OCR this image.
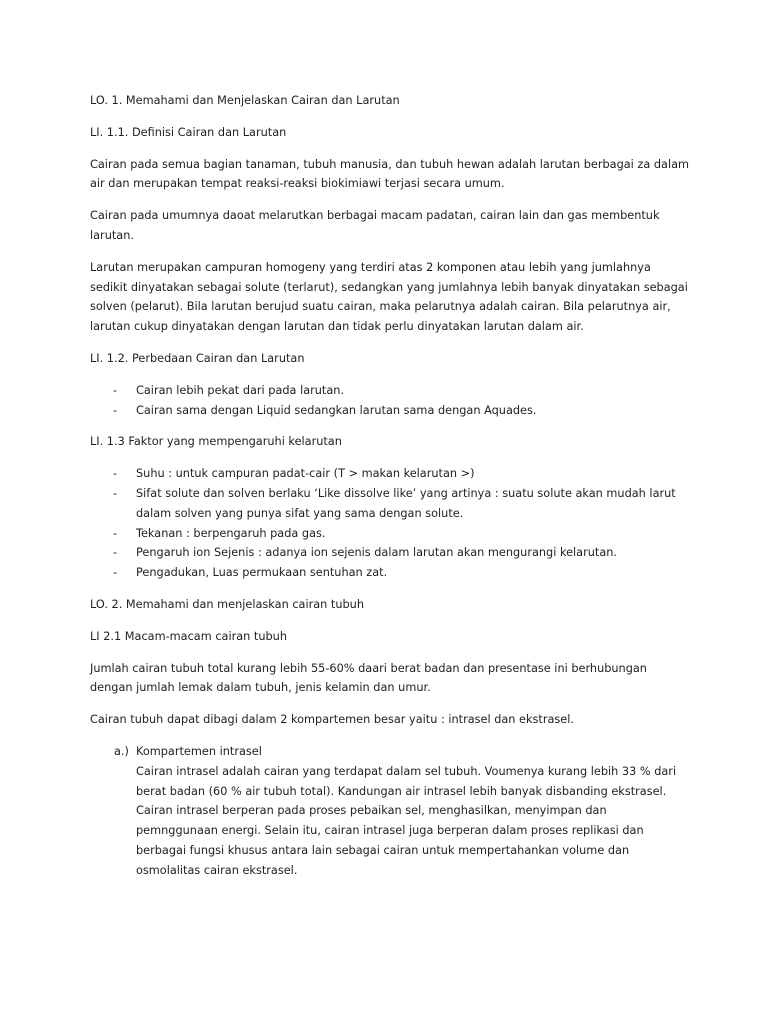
LO. 1. Memahami dan Menjelaskan Cairan dan Larutan

LI. 1.1. Definisi Cairan dan Larutan

Cairan pada semua bagian tanaman, tubuh manusia, dan tubuh hewan adalah larutan berbagai za dalam air dan merupakan tempat reaksi-reaksi biokimiawi terjasi secara umum.

Cairan pada umumnya daoat melarutkan berbagai macam padatan, cairan lain dan gas membentuk larutan.

Larutan merupakan campuran homogeny yang terdiri atas 2 komponen atau lebih yang jumlahnya sedikit dinyatakan sebagai solute (terlarut), sedangkan yang jumlahnya lebih banyak dinyatakan sebagai solven (pelarut). Bila larutan berujud suatu cairan, maka pelarutnya adalah cairan. Bila pelarutnya air, larutan cukup dinyatakan dengan larutan dan tidak perlu dinyatakan larutan dalam air.

LI. 1.2. Perbedaan Cairan dan Larutan

- Cairan lebih pekat dari pada larutan.
- Cairan sama dengan Liquid sedangkan larutan sama dengan Aquades.

LI. 1.3 Faktor yang mempengaruhi kelarutan

- Suhu : untuk campuran padat-cair (T > makan kelarutan >)
- Sifat solute dan solven berlaku ‘Like dissolve like’ yang artinya : suatu solute akan mudah larut dalam solven yang punya sifat yang sama dengan solute.
- Tekanan : berpengaruh pada gas.
- Pengaruh ion Sejenis : adanya ion sejenis dalam larutan akan mengurangi kelarutan.
- Pengadukan, Luas permukaan sentuhan zat.

LO. 2. Memahami dan menjelaskan cairan tubuh

LI 2.1 Macam-macam cairan tubuh

Jumlah cairan tubuh total kurang lebih 55-60% daari berat badan dan presentase ini berhubungan dengan jumlah lemak dalam tubuh, jenis kelamin dan umur.

Cairan tubuh dapat dibagi dalam 2 kompartemen besar yaitu : intrasel dan ekstrasel.

a.) Kompartemen intrasel
Cairan intrasel adalah cairan yang terdapat dalam sel tubuh. Voumenya kurang lebih 33 % dari berat badan (60 % air tubuh total). Kandungan air intrasel lebih banyak disbanding ekstrasel. Cairan intrasel berperan pada proses pebaikan sel, menghasilkan, menyimpan dan pemnggunaan energi. Selain itu, cairan intrasel juga berperan dalam proses replikasi dan berbagai fungsi khusus antara lain sebagai cairan untuk mempertahankan volume dan osmolalitas cairan ekstrasel.
